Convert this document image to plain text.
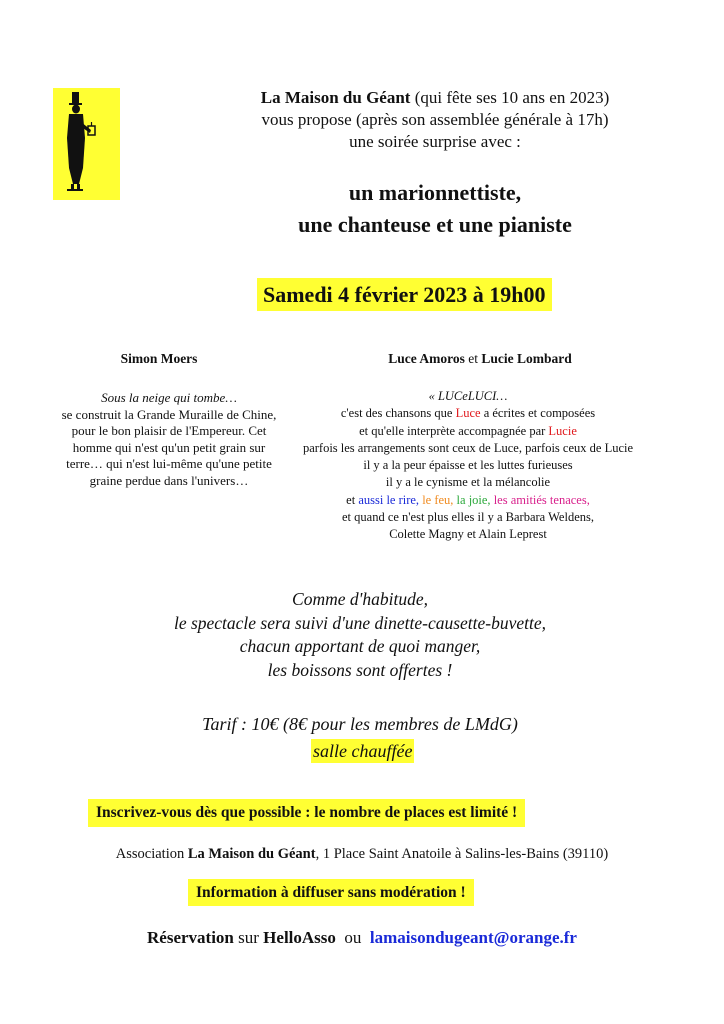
La Maison du Géant (qui fête ses 10 ans en 2023)
vous propose (après son assemblée générale à 17h)
une soirée surprise avec :
un marionnettiste,
une chanteuse et une pianiste
Samedi 4 février 2023 à 19h00
Simon Moers
Sous la neige qui tombe…
se construit la Grande Muraille de Chine, pour le bon plaisir de l'Empereur. Cet homme qui n'est qu'un petit grain sur terre… qui n'est lui-même qu'une petite graine perdue dans l'univers…
Luce Amoros et Lucie Lombard
« LUCeLUCI…
c'est des chansons que Luce a écrites et composées
et qu'elle interprète accompagnée par Lucie
parfois les arrangements sont ceux de Luce, parfois ceux de Lucie
il y a la peur épaisse et les luttes furieuses
il y a le cynisme et la mélancolie
et aussi le rire, le feu, la joie, les amitiés tenaces,
et quand ce n'est plus elles il y a Barbara Weldens,
Colette Magny et Alain Leprest
Comme d'habitude,
le spectacle sera suivi d'une dinette-causette-buvette,
chacun apportant de quoi manger,
les boissons sont offertes !
Tarif : 10€ (8€ pour les membres de LMdG)
salle chauffée
Inscrivez-vous dès que possible : le nombre de places est limité !
Association La Maison du Géant, 1 Place Saint Anatoile à Salins-les-Bains (39110)
Information à diffuser sans modération !
Réservation sur HelloAsso  ou  lamaisondugeant@orange.fr
